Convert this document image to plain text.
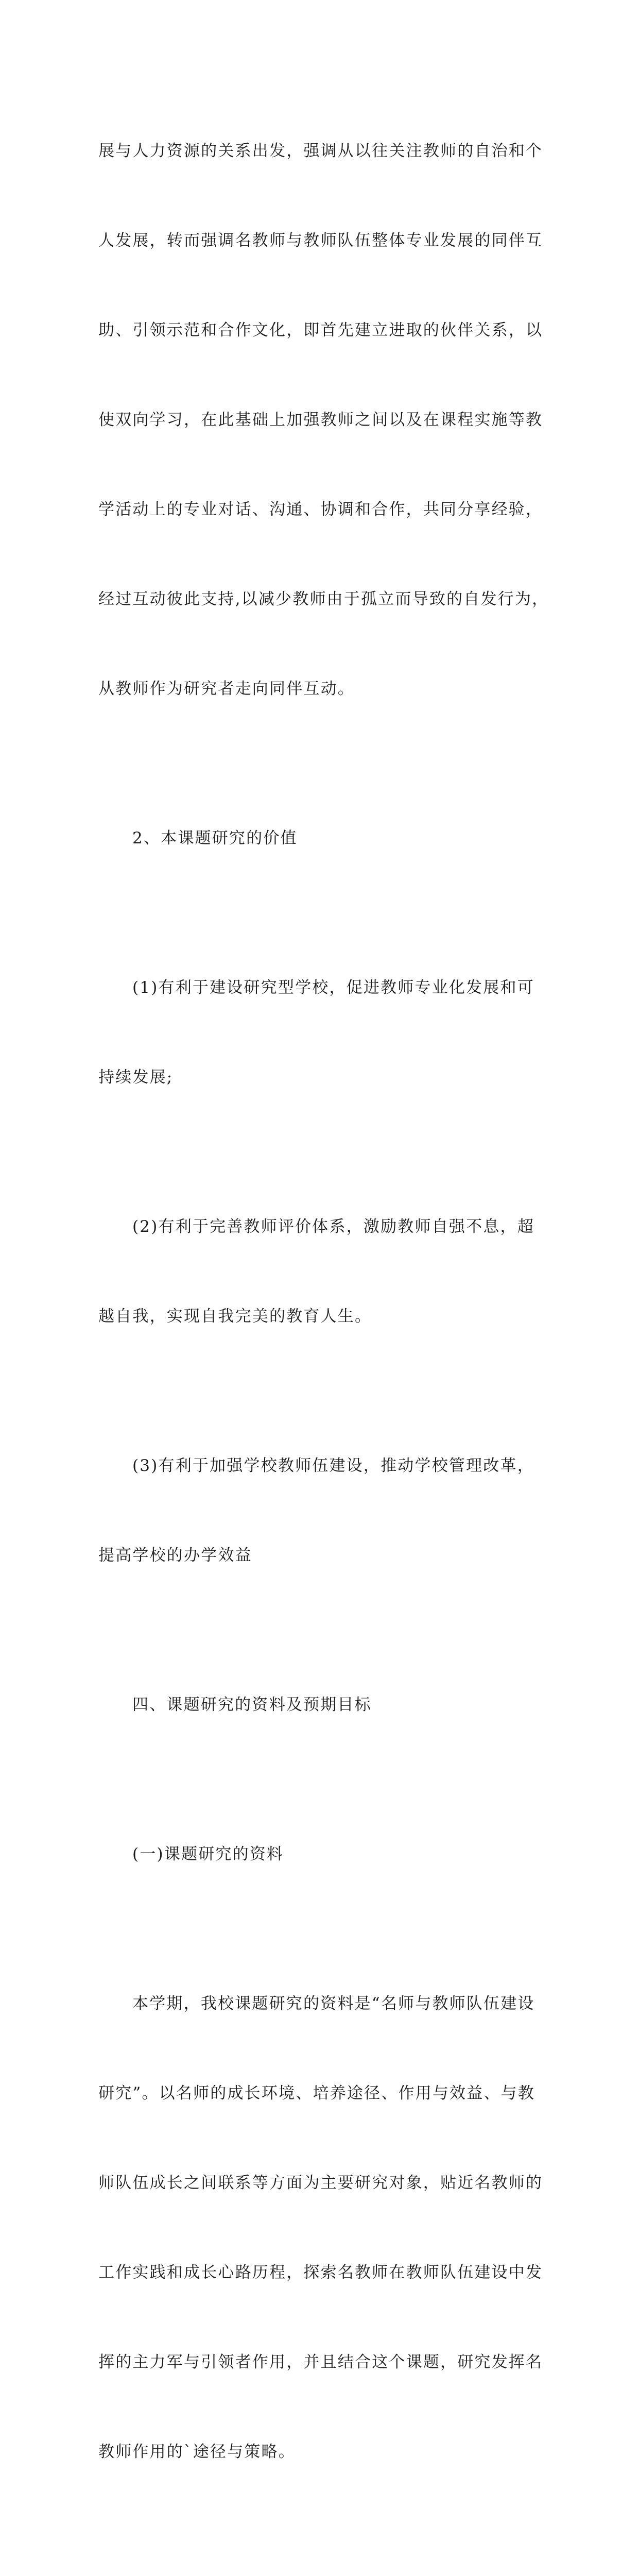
展与人力资源的关系出发，强调从以往关注教师的自治和个

人发展，转而强调名教师与教师队伍整体专业发展的同伴互

助、引领示范和合作文化，即首先建立进取的伙伴关系，以

使双向学习，在此基础上加强教师之间以及在课程实施等教

学活动上的专业对话、沟通、协调和合作，共同分享经验，

经过互动彼此支持,以减少教师由于孤立而导致的自发行为，

从教师作为研究者走向同伴互动。

2、本课题研究的价值

(1)有利于建设研究型学校，促进教师专业化发展和可

持续发展;

(2)有利于完善教师评价体系，激励教师自强不息，超

越自我，实现自我完美的教育人生。

(3)有利于加强学校教师伍建设，推动学校管理改革，

提高学校的办学效益

四、课题研究的资料及预期目标

(一)课题研究的资料

本学期，我校课题研究的资料是“名师与教师队伍建设

研究”。以名师的成长环境、培养途径、作用与效益、与教

师队伍成长之间联系等方面为主要研究对象，贴近名教师的

工作实践和成长心路历程，探索名教师在教师队伍建设中发

挥的主力军与引领者作用，并且结合这个课题，研究发挥名

教师作用的`途径与策略。
